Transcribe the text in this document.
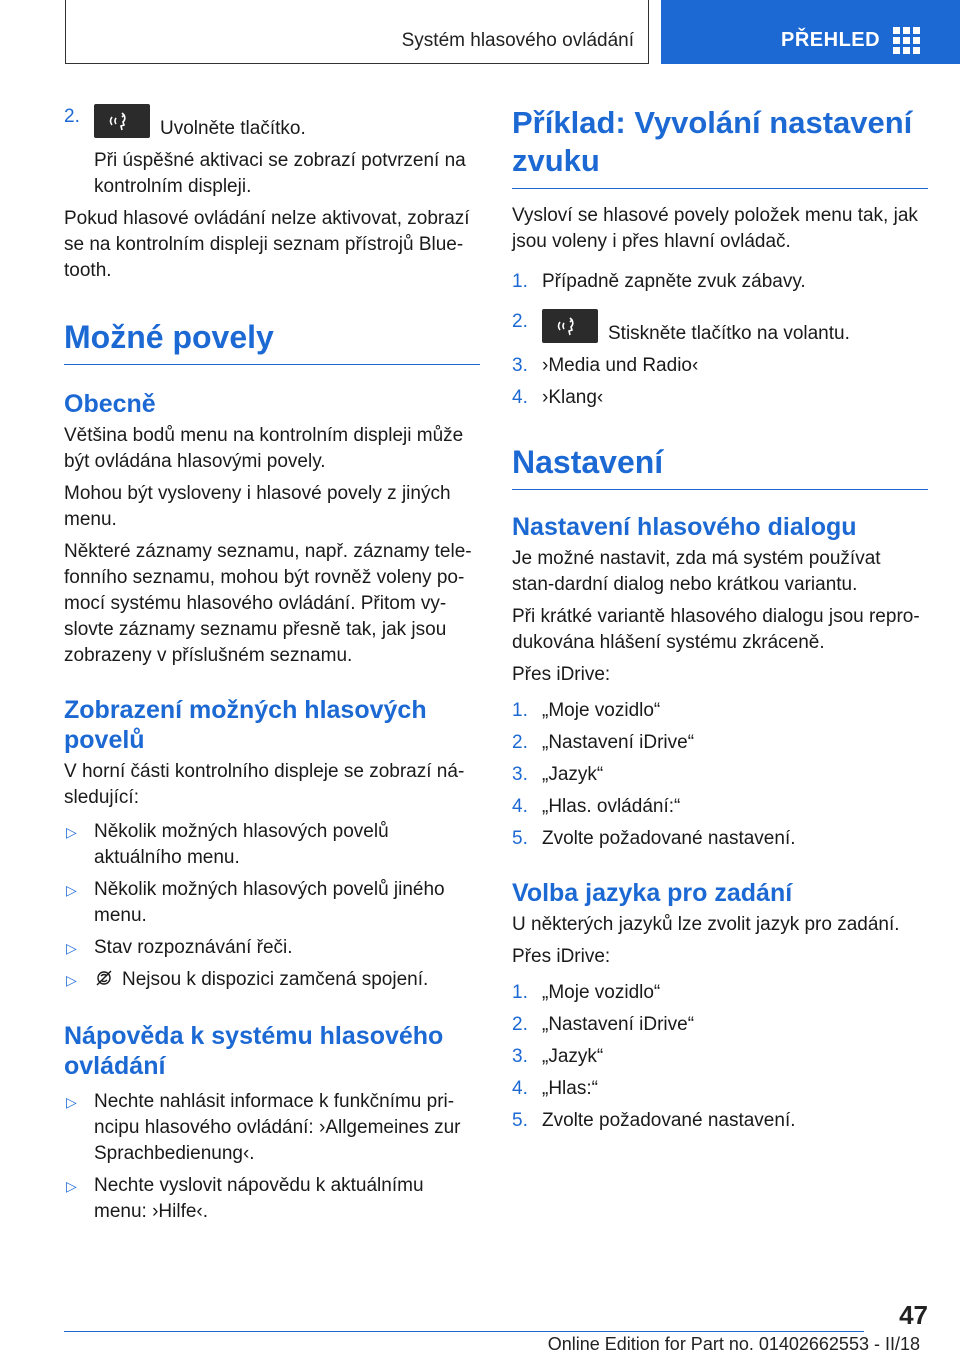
Systém hlasového ovládání	PŘEHLED
2.
Uvolněte tlačítko.

Při úspěšné aktivaci se zobrazí potvrzení na kontrolním displeji.

Pokud hlasové ovládání nelze aktivovat, zobrazí se na kontrolním displeji seznam přístrojů Blue‐tooth.

Možné povely
Obecně

Většina bodů menu na kontrolním displeji může být ovládána hlasovými povely.

Mohou být vysloveny i hlasové povely z jiných menu.

Některé záznamy seznamu, např. záznamy tele‐fonního seznamu, mohou být rovněž voleny po‐mocí systému hlasového ovládání. Přitom vy‐slovte záznamy seznamu přesně tak, jak jsou zobrazeny v příslušném seznamu.

Zobrazení možných hlasových povelů

V horní části kontrolního displeje se zobrazí ná‐sledující:

▷ Několik možných hlasových povelů aktuálního menu.
▷ Několik možných hlasových povelů jiného menu.
▷ Stav rozpoznávání řeči.
▷ Nejsou k dispozici zamčená spojení.
Nápověda k systému hlasového ovládání
▷ Nechte nahlásit informace k funkčnímu pri‐ncipu hlasového ovládání: ›Allgemeines zur Sprachbedienung‹.
▷ Nechte vyslovit nápovědu k aktuálnímu menu: ›Hilfe‹.
Příklad: Vyvolání nastavení zvuku

Vysloví se hlasové povely položek menu tak, jak jsou voleny i přes hlavní ovládač.

1. Případně zapněte zvuk zábavy.
2.
Stiskněte tlačítko na volantu.
3. ›Media und Radio‹
4. ›Klang‹
Nastavení
Nastavení hlasového dialogu

Je možné nastavit, zda má systém používat stan‐dardní dialog nebo krátkou variantu.

Při krátké variantě hlasového dialogu jsou repro‐dukována hlášení systému zkráceně.

Přes iDrive:

1. „Moje vozidlo“
2. „Nastavení iDrive“
3. „Jazyk“
4. „Hlas. ovládání:“
5. Zvolte požadované nastavení.
Volba jazyka pro zadání

U některých jazyků lze zvolit jazyk pro zadání.

Přes iDrive:

1. „Moje vozidlo“
2. „Nastavení iDrive“
3. „Jazyk“
4. „Hlas:“
5. Zvolte požadované nastavení.
47
Online Edition for Part no. 01402662553 - II/18
